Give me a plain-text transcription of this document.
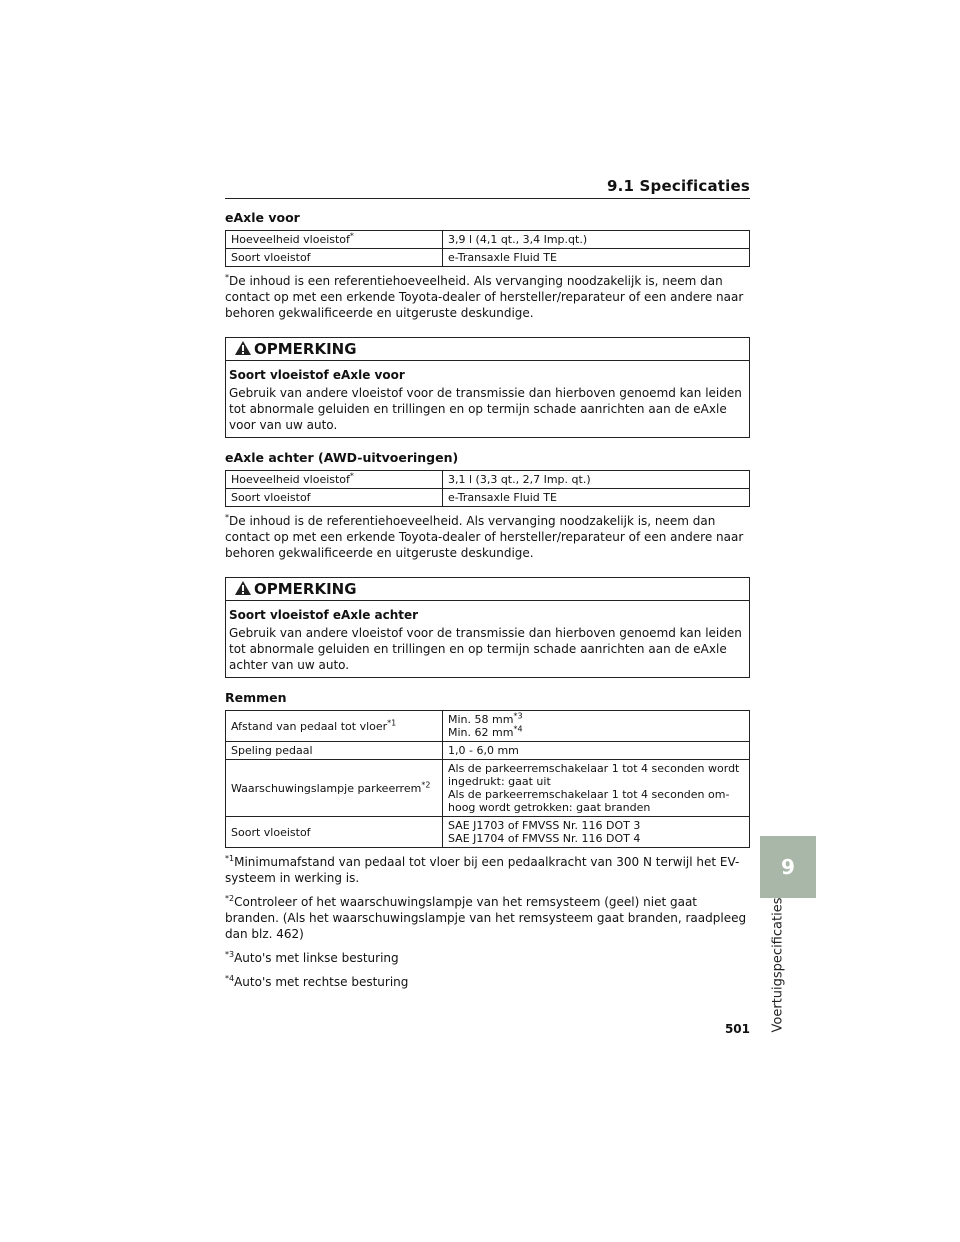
9.1 Specificaties
eAxle voor
Hoeveelheid vloeistof*	3,9 l (4,1 qt., 3,4 Imp.qt.)
Soort vloeistof	e-Transaxle Fluid TE

*De inhoud is een referentiehoeveelheid. Als vervanging noodzakelijk is, neem dan contact op met een erkende Toyota-dealer of hersteller/reparateur of een andere naar behoren gekwalificeerde en uitgeruste deskundige.

OPMERKING
Soort vloeistof eAxle voor
Gebruik van andere vloeistof voor de transmissie dan hierboven genoemd kan leiden tot abnormale geluiden en trillingen en op termijn schade aanrichten aan de eAxle voor van uw auto.
eAxle achter (AWD-uitvoeringen)
Hoeveelheid vloeistof*	3,1 l (3,3 qt., 2,7 Imp. qt.)
Soort vloeistof	e-Transaxle Fluid TE

*De inhoud is de referentiehoeveelheid. Als vervanging noodzakelijk is, neem dan contact op met een erkende Toyota-dealer of hersteller/reparateur of een andere naar behoren gekwalificeerde en uitgeruste deskundige.

OPMERKING
Soort vloeistof eAxle achter
Gebruik van andere vloeistof voor de transmissie dan hierboven genoemd kan leiden tot abnormale geluiden en trillingen en op termijn schade aanrichten aan de eAxle achter van uw auto.
Remmen
Afstand van pedaal tot vloer$^{*1}$	Min. 58 $mm^{*3}$
Min. 62 $mm^{*4}$

Speling pedaal	1,0 - 6,0 mm
Waarschuwingslampje parkeerrem$^{*2}$	Als de parkeerremschakelaar 1 tot 4 seconden wordt ingedrukt: gaat uit
Als de parkeerremschakelaar 1 tot 4 seconden om-hoog wordt getrokken: gaat branden

Soort vloeistof	SAE J1703 of FMVSS Nr. 116 DOT 3
SAE J1704 of FMVSS Nr. 116 DOT 4

$^{*1}$Minimumafstand van pedaal tot vloer bij een pedaalkracht van 300 N terwijl het EV-systeem in werking is.

$^{*2}$Controleer of het waarschuwingslampje van het remsysteem (geel) niet gaat branden. (Als het waarschuwingslampje van het remsysteem gaat branden, raadpleeg dan blz. 462)

$^{*3}$Auto's met linkse besturing

$^{*4}$Auto's met rechtse besturing

9
Voertuigspecificaties
501
